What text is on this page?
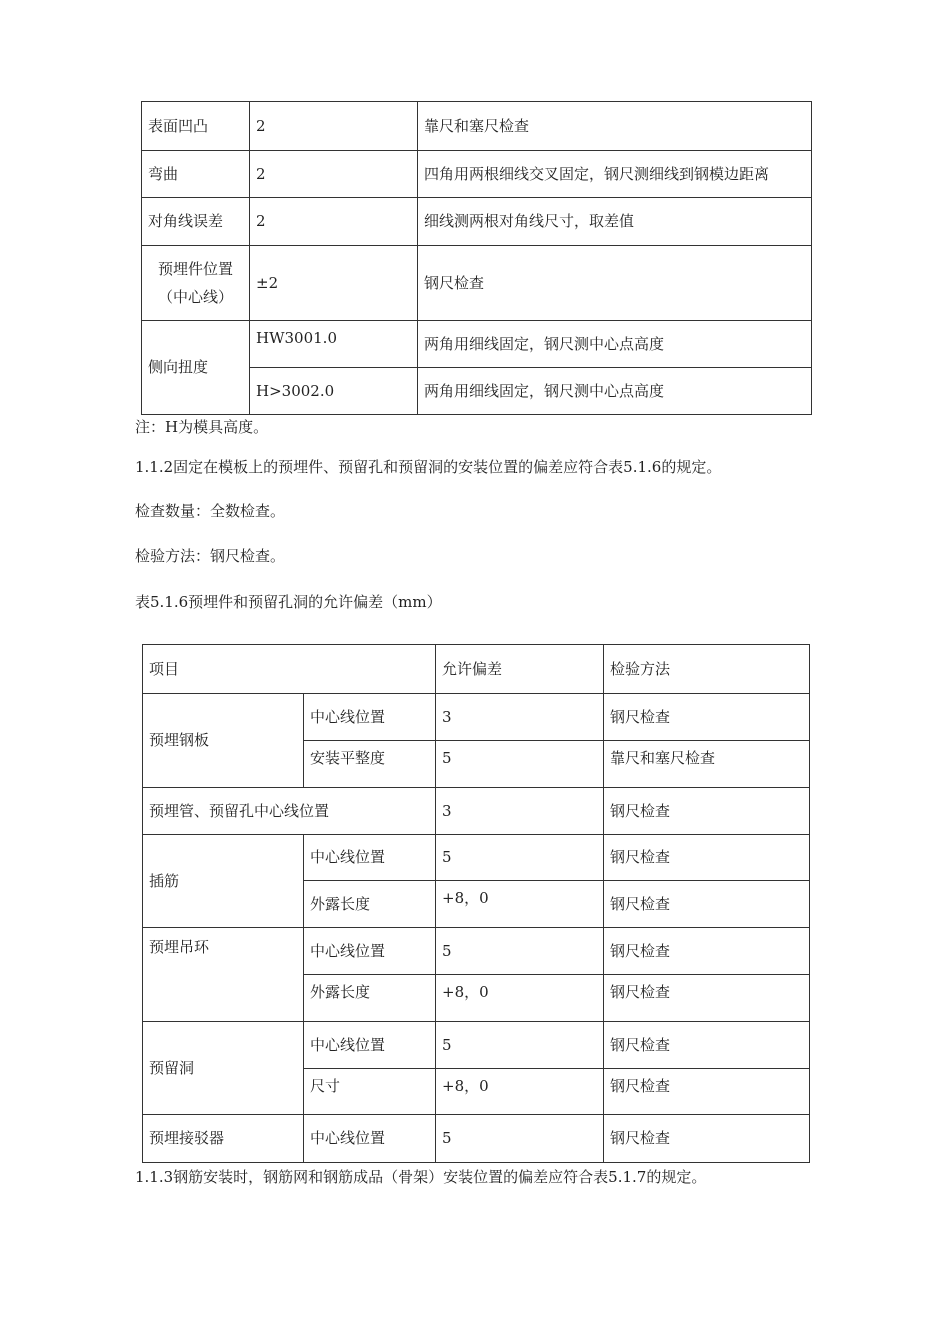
表面凹凸	2	靠尺和塞尺检查
弯曲	2	四角用两根细线交叉固定，钢尺测细线到钢模边距离
对角线误差	2	细线测两根对角线尺寸，取差值

预埋件位置
（中心线）	±2	钢尺检查
侧向扭度	HW3001.0	两角用细线固定，钢尺测中心点高度
	H>3002.0	两角用细线固定，钢尺测中心点高度
注：H为模具高度。
1.1.2固定在模板上的预埋件、预留孔和预留洞的安装位置的偏差应符合表5.1.6的规定。
检查数量：全数检查。
检验方法：钢尺检查。
表5.1.6预埋件和预留孔洞的允许偏差（mm）
项目		允许偏差	检验方法
预埋钢板	中心线位置	3	钢尺检查
	安装平整度	5	靠尺和塞尺检查
预埋管、预留孔中心线位置		3	钢尺检查
插筋	中心线位置	5	钢尺检查
	外露长度	+8，0	钢尺检查
预埋吊环	中心线位置	5	钢尺检查
	外露长度	+8，0	钢尺检查
预留洞	中心线位置	5	钢尺检查
	尺寸	+8，0	钢尺检查
预埋接驳器	中心线位置	5	钢尺检查
1.1.3钢筋安装时，钢筋网和钢筋成品（骨架）安装位置的偏差应符合表5.1.7的规定。
